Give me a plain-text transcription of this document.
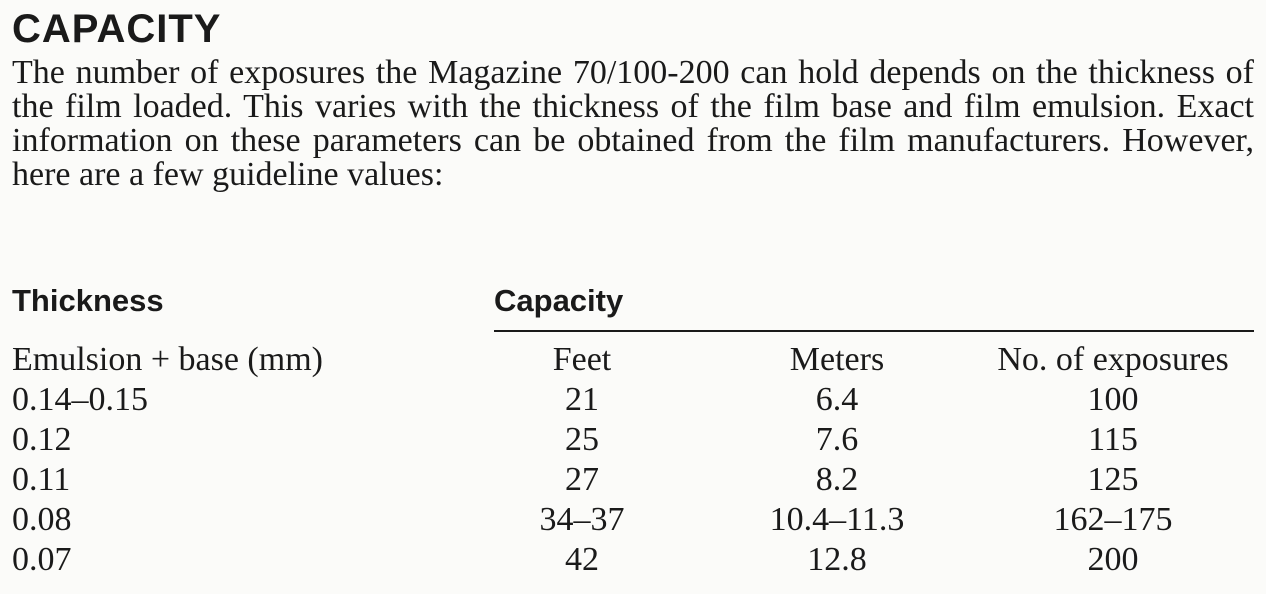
CAPACITY

The number of exposures the Magazine 70/100-200 can hold depends on the thickness of the film loaded. This varies with the thickness of the film base and film emulsion. Exact information on these parameters can be obtained from the film manufacturers. However, here are a few guideline values:

Thickness	Capacity
Emulsion + base (mm)	Feet	Meters	No. of exposures
0.14–0.15	21	6.4	100
0.12	25	7.6	115
0.11	27	8.2	125
0.08	34–37	10.4–11.3	162–175
0.07	42	12.8	200
